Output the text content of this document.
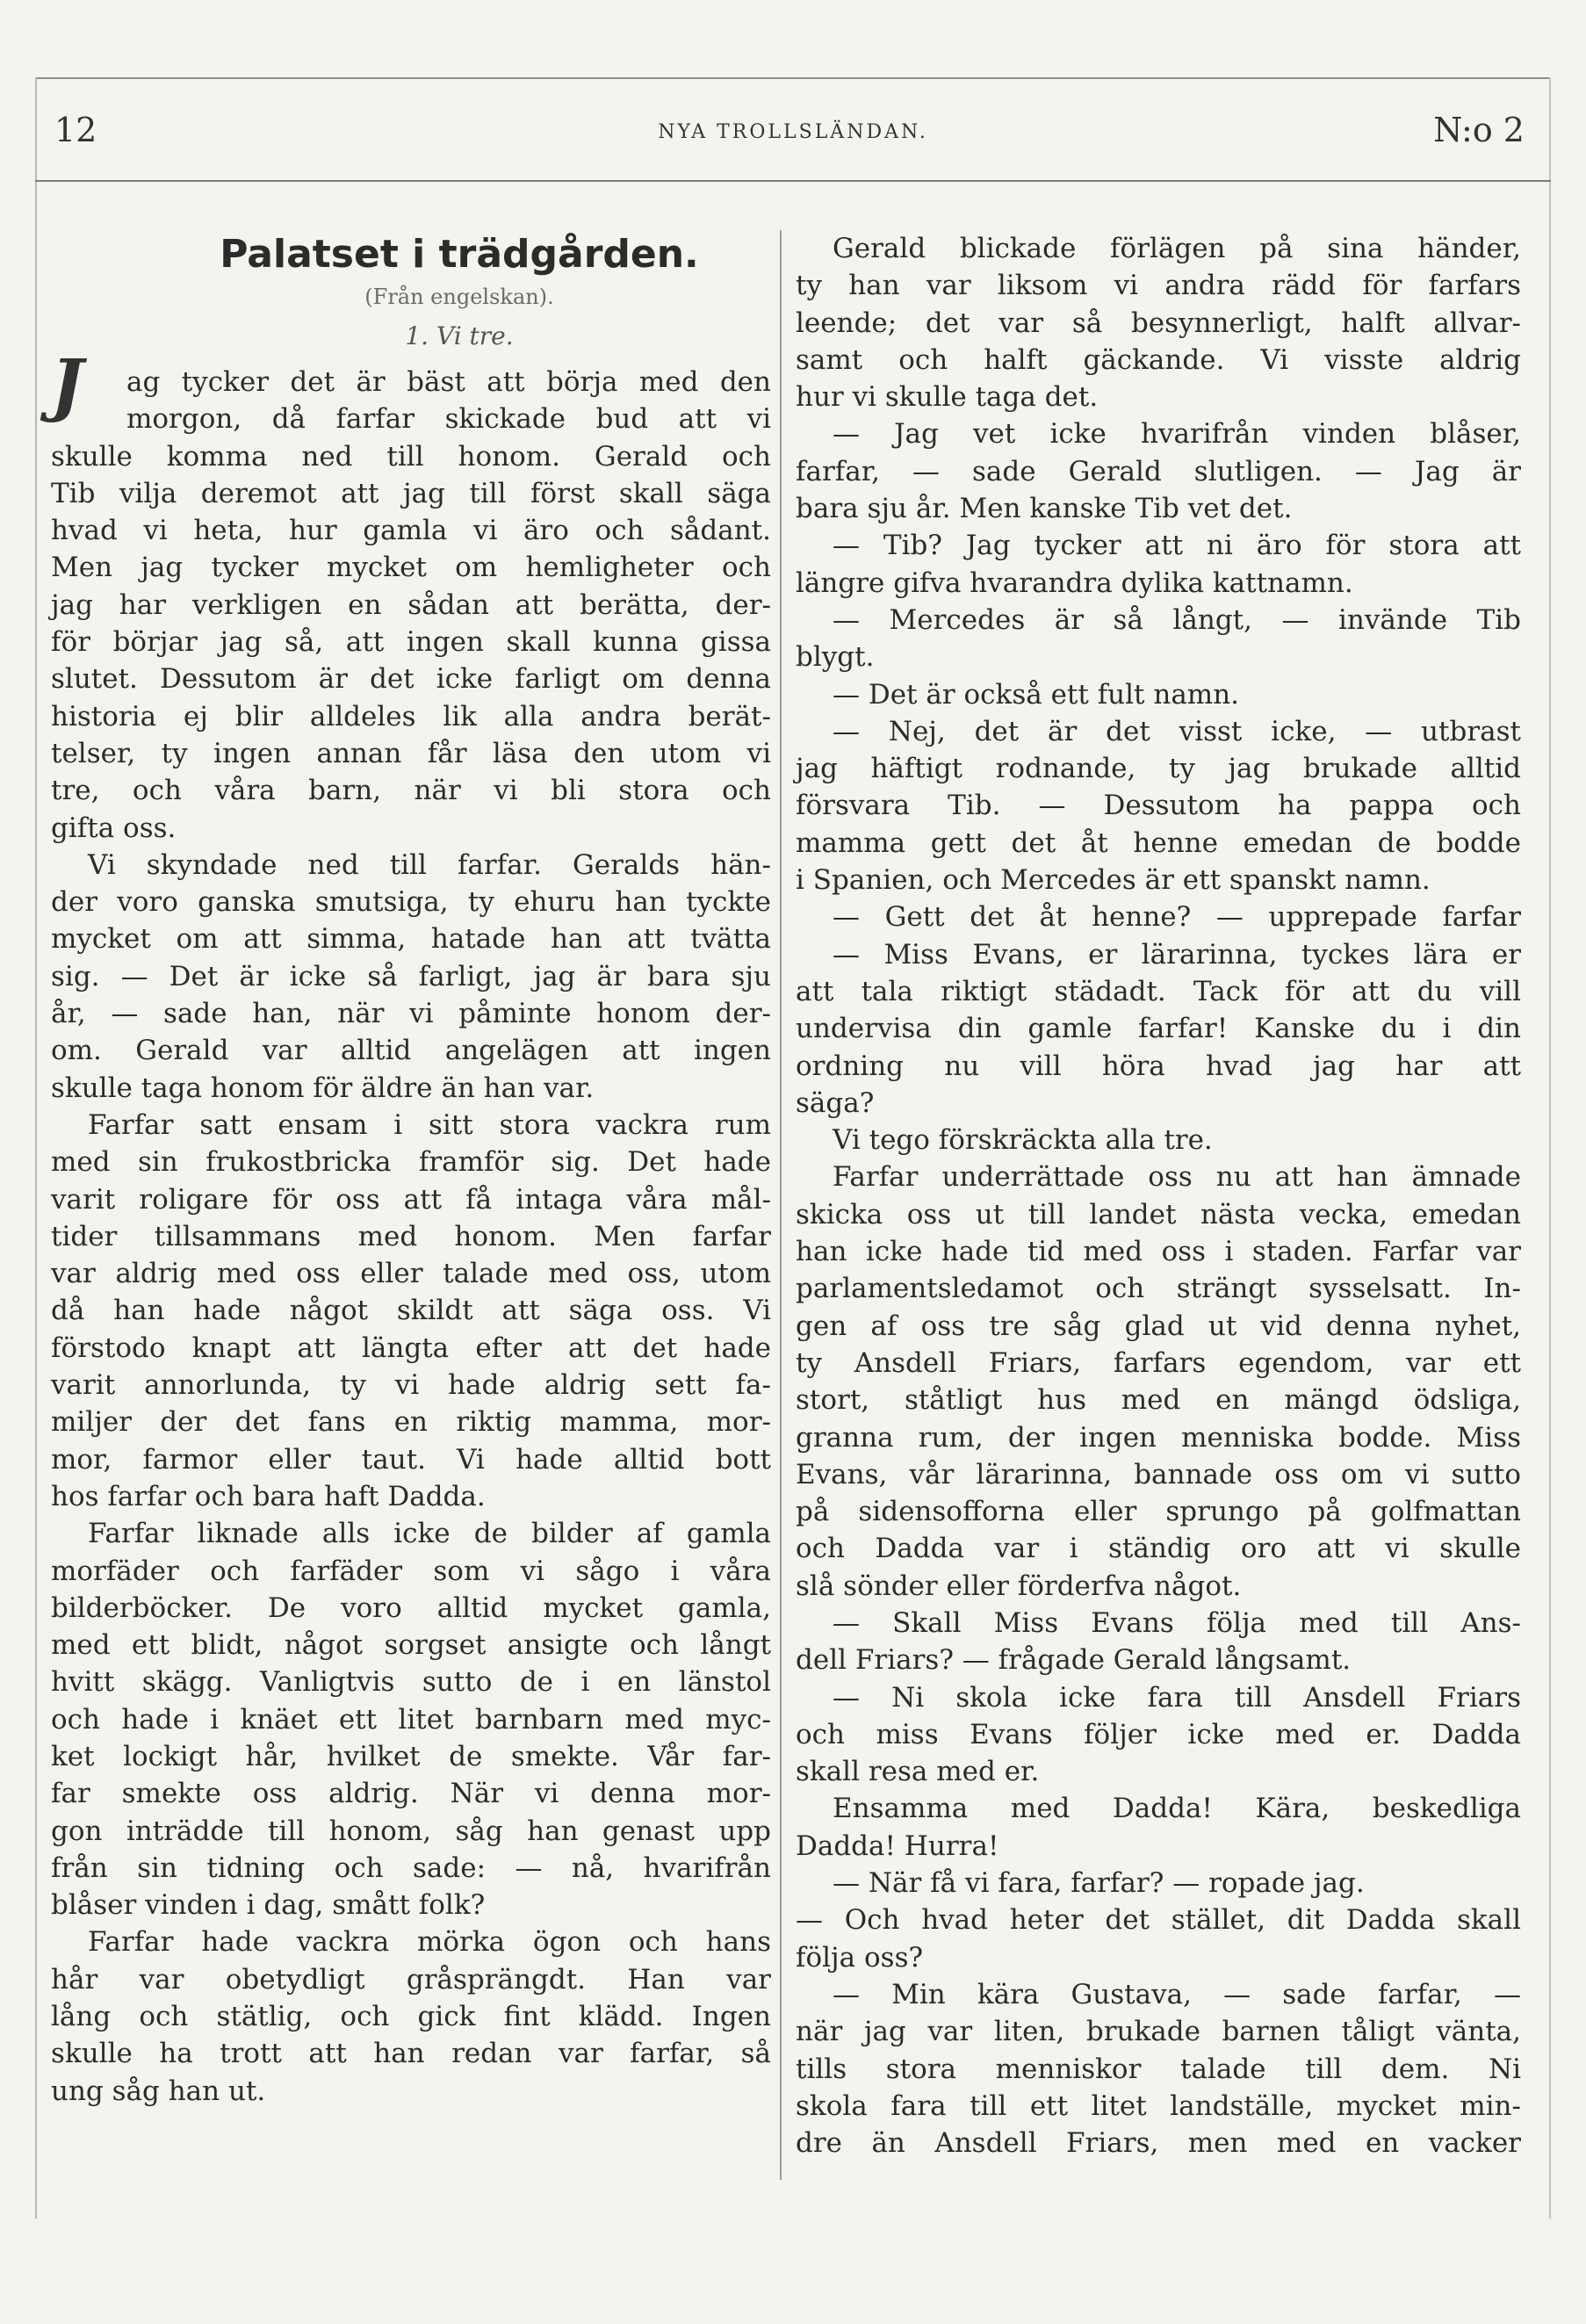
12	NYA TROLLSLÄNDAN.	N:o 2
Palatset i trädgården.
(Från engelskan).
1. Vi tre.
J	ag tycker det är bäst att börja med den
morgon, då farfar skickade bud att vi
skulle komma ned till honom. Gerald och
Tib vilja deremot att jag till först skall säga
hvad vi heta, hur gamla vi äro och sådant.
Men jag tycker mycket om hemligheter och
jag har verkligen en sådan att berätta, der-
för börjar jag så, att ingen skall kunna gissa
slutet. Dessutom är det icke farligt om denna
historia ej blir alldeles lik alla andra berät-
telser, ty ingen annan får läsa den utom vi
tre, och våra barn, när vi bli stora och
gifta oss.
Vi skyndade ned till farfar. Geralds hän-
der voro ganska smutsiga, ty ehuru han tyckte
mycket om att simma, hatade han att tvätta
sig. — Det är icke så farligt, jag är bara sju
år, — sade han, när vi påminte honom der-
om. Gerald var alltid angelägen att ingen
skulle taga honom för äldre än han var.
Farfar satt ensam i sitt stora vackra rum
med sin frukostbricka framför sig. Det hade
varit roligare för oss att få intaga våra mål-
tider tillsammans med honom. Men farfar
var aldrig med oss eller talade med oss, utom
då han hade något skildt att säga oss. Vi
förstodo knapt att längta efter att det hade
varit annorlunda, ty vi hade aldrig sett fa-
miljer der det fans en riktig mamma, mor-
mor, farmor eller taut. Vi hade alltid bott
hos farfar och bara haft Dadda.
Farfar liknade alls icke de bilder af gamla
morfäder och farfäder som vi sågo i våra
bilderböcker. De voro alltid mycket gamla,
med ett blidt, något sorgset ansigte och långt
hvitt skägg. Vanligtvis sutto de i en länstol
och hade i knäet ett litet barnbarn med myc-
ket lockigt hår, hvilket de smekte. Vår far-
far smekte oss aldrig. När vi denna mor-
gon inträdde till honom, såg han genast upp
från sin tidning och sade: — nå, hvarifrån
blåser vinden i dag, smått folk?
Farfar hade vackra mörka ögon och hans
hår var obetydligt gråsprängdt. Han var
lång och stätlig, och gick fint klädd. Ingen
skulle ha trott att han redan var farfar, så
ung såg han ut.
Gerald blickade förlägen på sina händer,
ty han var liksom vi andra rädd för farfars
leende; det var så besynnerligt, halft allvar-
samt och halft gäckande. Vi visste aldrig
hur vi skulle taga det.
— Jag vet icke hvarifrån vinden blåser,
farfar, — sade Gerald slutligen. — Jag är
bara sju år. Men kanske Tib vet det.
— Tib? Jag tycker att ni äro för stora att
längre gifva hvarandra dylika kattnamn.
— Mercedes är så långt, — invände Tib
blygt.
— Det är också ett fult namn.
— Nej, det är det visst icke, — utbrast
jag häftigt rodnande, ty jag brukade alltid
försvara Tib. — Dessutom ha pappa och
mamma gett det åt henne emedan de bodde
i Spanien, och Mercedes är ett spanskt namn.
— Gett det åt henne? — upprepade farfar
— Miss Evans, er lärarinna, tyckes lära er
att tala riktigt städadt. Tack för att du vill
undervisa din gamle farfar! Kanske du i din
ordning nu vill höra hvad jag har att
säga?
Vi tego förskräckta alla tre.
Farfar underrättade oss nu att han ämnade
skicka oss ut till landet nästa vecka, emedan
han icke hade tid med oss i staden. Farfar var
parlamentsledamot och strängt sysselsatt. In-
gen af oss tre såg glad ut vid denna nyhet,
ty Ansdell Friars, farfars egendom, var ett
stort, ståtligt hus med en mängd ödsliga,
granna rum, der ingen menniska bodde. Miss
Evans, vår lärarinna, bannade oss om vi sutto
på sidensofforna eller sprungo på golfmattan
och Dadda var i ständig oro att vi skulle
slå sönder eller förderfva något.
— Skall Miss Evans följa med till Ans-
dell Friars? — frågade Gerald långsamt.
— Ni skola icke fara till Ansdell Friars
och miss Evans följer icke med er. Dadda
skall resa med er.
Ensamma med Dadda! Kära, beskedliga
Dadda! Hurra!
— När få vi fara, farfar? — ropade jag.
— Och hvad heter det stället, dit Dadda skall
följa oss?
— Min kära Gustava, — sade farfar, —
när jag var liten, brukade barnen tåligt vänta,
tills stora menniskor talade till dem. Ni
skola fara till ett litet landställe, mycket min-
dre än Ansdell Friars, men med en vacker
